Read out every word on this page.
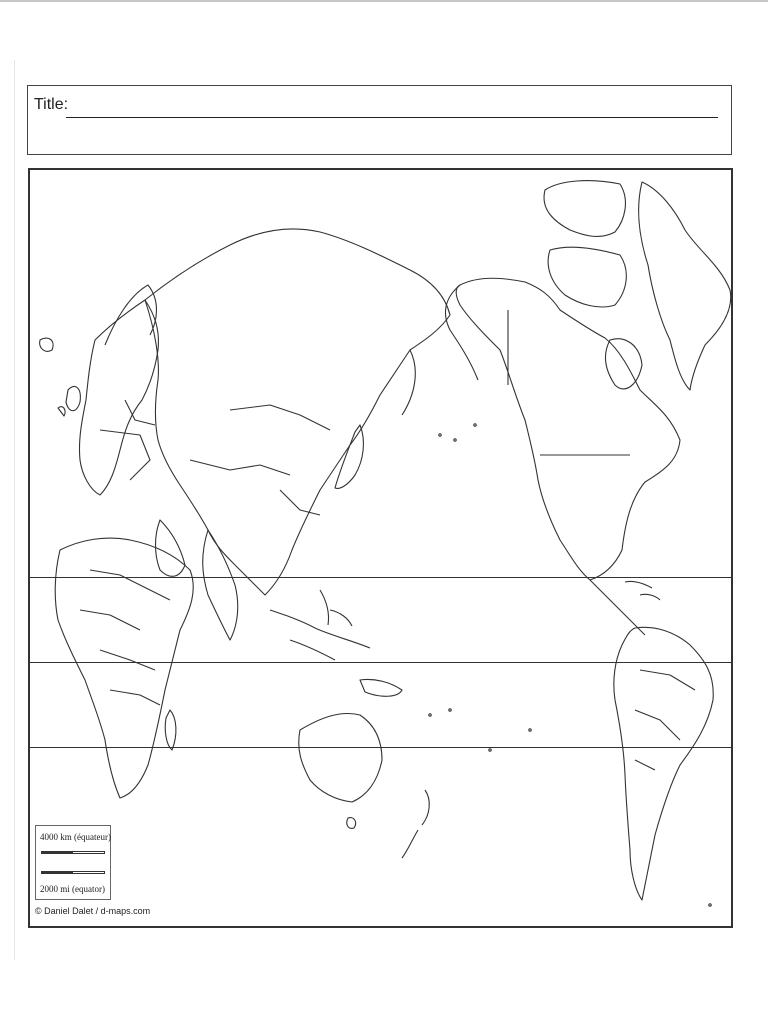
Title:
4000 km (équateur)
2000 mi (equator)
© Daniel Dalet / d-maps.com
